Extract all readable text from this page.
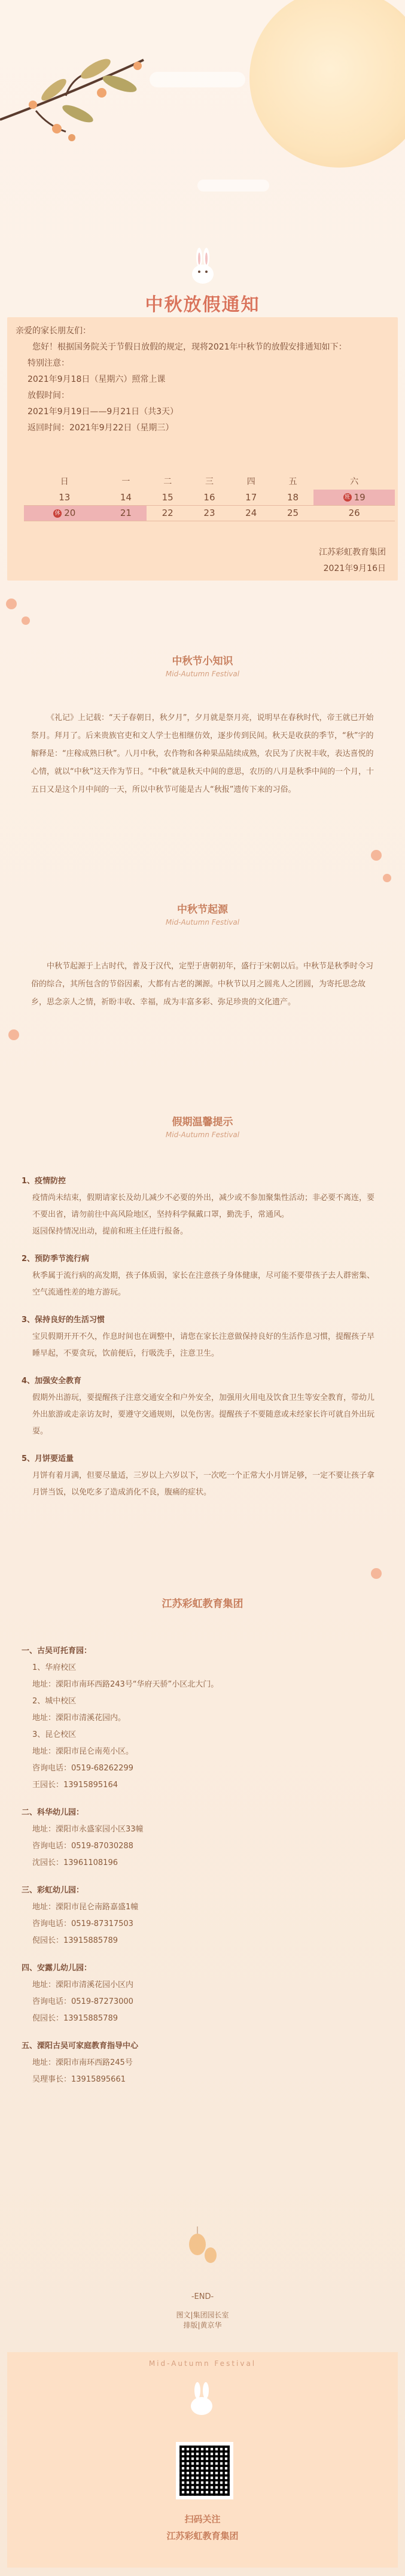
中秋放假通知
亲爱的家长朋友们：
您好！根据国务院关于节假日放假的规定，现将2021年中秋节的放假安排通知如下：
特别注意：
2021年9月18日（星期六）照常上课
放假时间：
2021年9月19日——9月21日（共3天）
返回时间：2021年9月22日（星期三）
日	一	二	三	四	五	六
13	14	15	16	17	18	班 19
休 20	21	22	23	24	25	26
江苏彩虹教育集团
2021年9月16日
中秋节小知识
Mid-Autumn Festival
《礼记》上记载：“天子春朝日，秋夕月”，夕月就是祭月亮，说明早在春秋时代，帝王就已开始祭月。拜月了。后来贵族官吏和文人学士也相继仿效，逐步传到民间。秋天是收获的季节，“秋”字的解释是：“庄稼成熟曰秋”。八月中秋，农作物和各种果品陆续成熟，农民为了庆祝丰收，表达喜悦的心情，就以“中秋”这天作为节日。“中秋”就是秋天中间的意思，农历的八月是秋季中间的一个月，十五日又是这个月中间的一天，所以中秋节可能是古人“秋报”遗传下来的习俗。
中秋节起源
Mid-Autumn Festival
中秋节起源于上古时代，普及于汉代，定型于唐朝初年，盛行于宋朝以后。中秋节是秋季时令习俗的综合，其所包含的节俗因素，大都有古老的渊源。中秋节以月之圆兆人之团圆，为寄托思念故乡，思念亲人之情，祈盼丰收、幸福，成为丰富多彩、弥足珍贵的文化遗产。
假期温馨提示
Mid-Autumn Festival
1、疫情防控
疫情尚未结束，假期请家长及幼儿减少不必要的外出，减少或不参加聚集性活动；非必要不离连，要不要出省，请勿前往中高风险地区，坚持科学佩戴口罩，勤洗手，常通风。
返园保持情况出动，提前和班主任进行报备。
2、预防季节流行病
秋季属于流行病的高发期，孩子体质弱，家长在注意孩子身体健康，尽可能不要带孩子去人群密集、空气流通性差的地方游玩。
3、保持良好的生活习惯
宝贝假期开开不久，作息时间也在调整中，请您在家长注意做保持良好的生活作息习惯，提醒孩子早睡早起，不要贪玩，饮前便后，行吸洗手，注意卫生。
4、加强安全教育
假期外出游玩，要提醒孩子注意交通安全和户外安全，加强用火用电及饮食卫生等安全教育，带幼儿外出旅游或走亲访友时，要遵守交通规则，以免伤害。提醒孩子不要随意或未经家长许可就自外出玩耍。
5、月饼要适量
月饼有着月满，但要尽量适，三岁以上六岁以下，一次吃一个正常大小月饼足够，一定不要让孩子拿月饼当饭，以免吃多了造成消化不良，腹痛的症状。
江苏彩虹教育集团
一、古吴可托育园：
1、华府校区
地址：溧阳市南环西路243号“华府天骄”小区北大门。
2、城中校区
地址：溧阳市清溪花园内。
3、昆仑校区
地址：溧阳市昆仑南苑小区。
咨询电话：0519-68262299
王园长：13915895164
二、科华幼儿园：
地址：溧阳市永盛家园小区33幢
咨询电话：0519-87030288
沈园长：13961108196
三、彩虹幼儿园：
地址：溧阳市昆仑南路嘉盛1幢
咨询电话：0519-87317503
倪园长：13915885789
四、安露儿幼儿园：
地址：溧阳市清溪花园小区内
咨询电话：0519-87273000
倪园长：13915885789
五、溧阳古吴可家庭教育指导中心
地址：溧阳市南环西路245号
吴理事长：13915895661
-END-
图文|集团园长室
排版|黄京华
Mid-Autumn Festival
扫码关注
江苏彩虹教育集团
